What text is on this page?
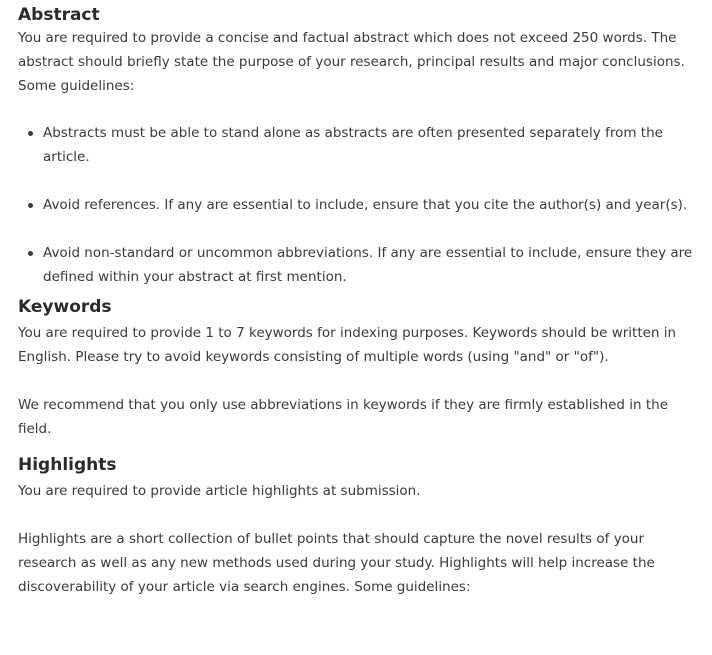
Abstract

You are required to provide a concise and factual abstract which does not exceed 250 words. The abstract should briefly state the purpose of your research, principal results and major conclusions. Some guidelines:

Abstracts must be able to stand alone as abstracts are often presented separately from the article.
Avoid references. If any are essential to include, ensure that you cite the author(s) and year(s).
Avoid non-standard or uncommon abbreviations. If any are essential to include, ensure they are defined within your abstract at first mention.
Keywords

You are required to provide 1 to 7 keywords for indexing purposes. Keywords should be written in English. Please try to avoid keywords consisting of multiple words (using "and" or "of").

We recommend that you only use abbreviations in keywords if they are firmly established in the field.

Highlights

You are required to provide article highlights at submission.

Highlights are a short collection of bullet points that should capture the novel results of your research as well as any new methods used during your study. Highlights will help increase the discoverability of your article via search engines. Some guidelines:
